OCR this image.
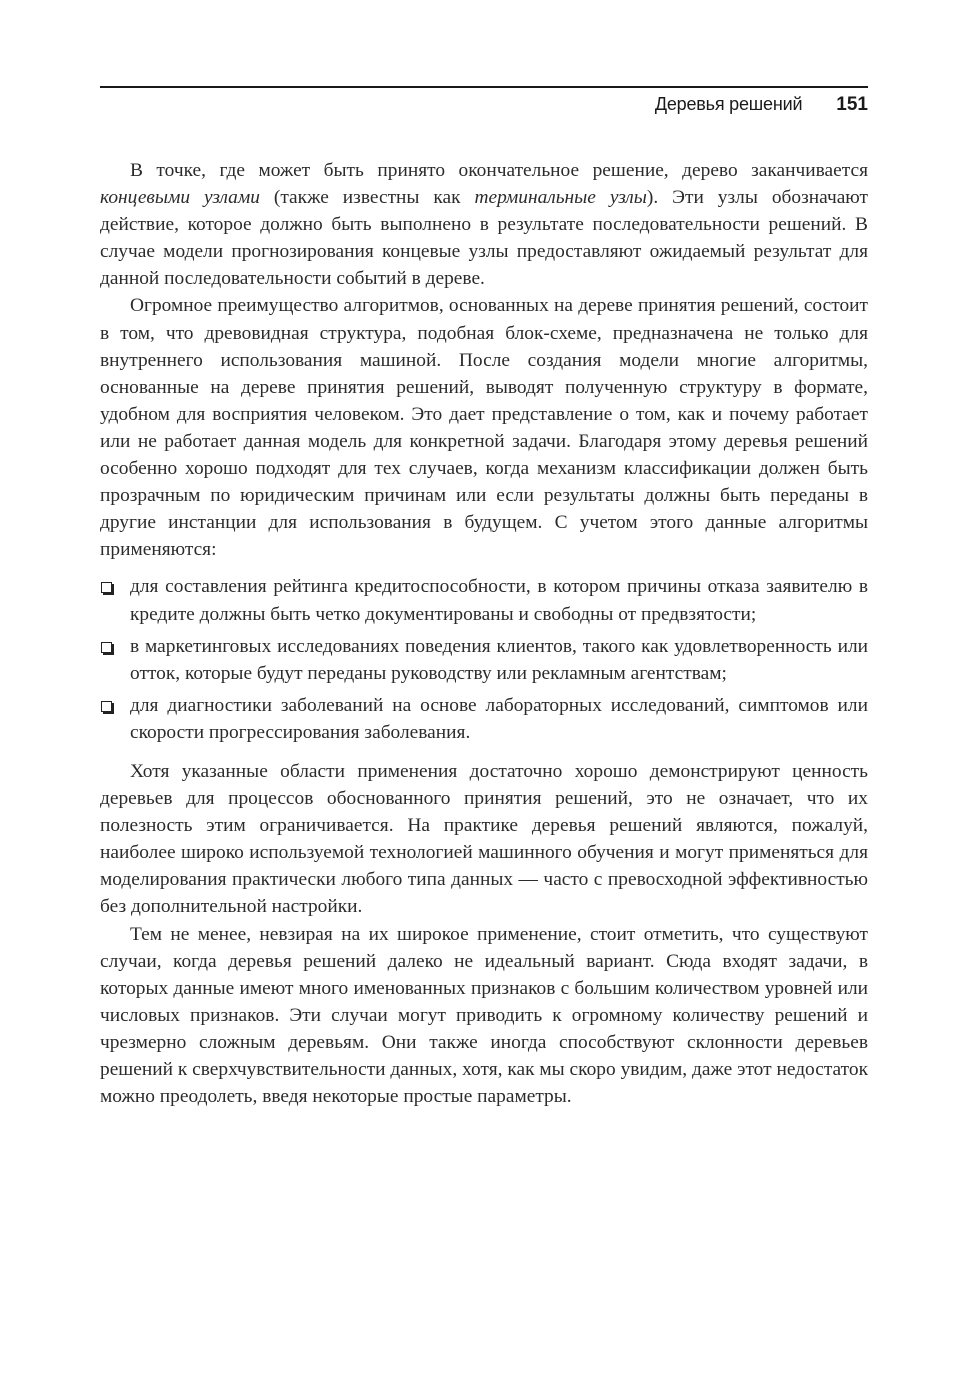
Деревья решений 151

В точке, где может быть принято окончательное решение, дерево заканчивается концевыми узлами (также известны как терминальные узлы). Эти узлы обозначают действие, которое должно быть выполнено в результате последовательности решений. В случае модели прогнозирования концевые узлы предоставляют ожидаемый результат для данной последовательности событий в дереве.

Огромное преимущество алгоритмов, основанных на дереве принятия решений, состоит в том, что древовидная структура, подобная блок-схеме, предназначена не только для внутреннего использования машиной. После создания модели многие алгоритмы, основанные на дереве принятия решений, выводят полученную структуру в формате, удобном для восприятия человеком. Это дает представление о том, как и почему работает или не работает данная модель для конкретной задачи. Благодаря этому деревья решений особенно хорошо подходят для тех случаев, когда механизм классификации должен быть прозрачным по юридическим причинам или если результаты должны быть переданы в другие инстанции для использования в будущем. С учетом этого данные алгоритмы применяются:

для составления рейтинга кредитоспособности, в котором причины отказа заявителю в кредите должны быть четко документированы и свободны от предвзятости;
в маркетинговых исследованиях поведения клиентов, такого как удовлетворенность или отток, которые будут переданы руководству или рекламным агентствам;
для диагностики заболеваний на основе лабораторных исследований, симптомов или скорости прогрессирования заболевания.

Хотя указанные области применения достаточно хорошо демонстрируют ценность деревьев для процессов обоснованного принятия решений, это не означает, что их полезность этим ограничивается. На практике деревья решений являются, пожалуй, наиболее широко используемой технологией машинного обучения и могут применяться для моделирования практически любого типа данных — часто с превосходной эффективностью без дополнительной настройки.

Тем не менее, невзирая на их широкое применение, стоит отметить, что существуют случаи, когда деревья решений далеко не идеальный вариант. Сюда входят задачи, в которых данные имеют много именованных признаков с большим количеством уровней или числовых признаков. Эти случаи могут приводить к огромному количеству решений и чрезмерно сложным деревьям. Они также иногда способствуют склонности деревьев решений к сверхчувствительности данных, хотя, как мы скоро увидим, даже этот недостаток можно преодолеть, введя некоторые простые параметры.
